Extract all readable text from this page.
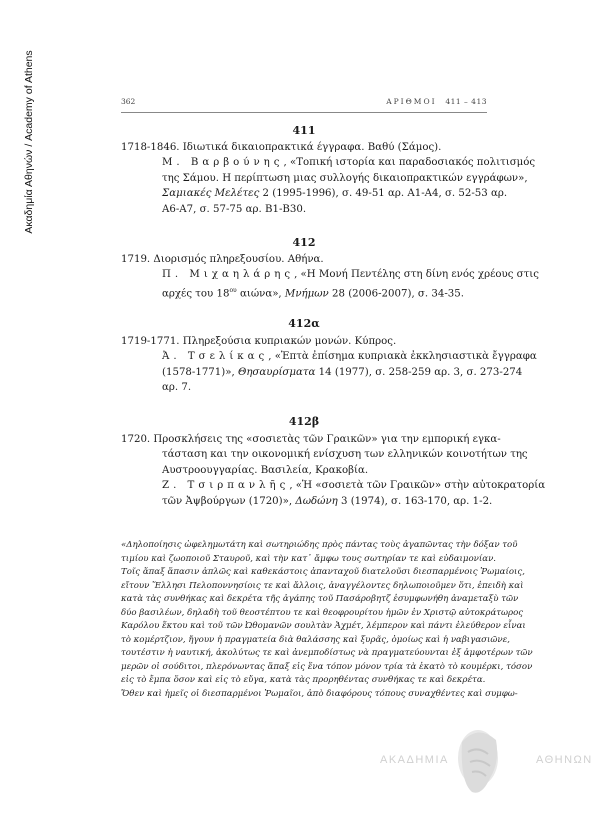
Ακαδημία Αθηνών / Academy of Athens	362	ΑΡΙΘΜΟΙ 411 – 413
411
1718-1846. Ιδιωτικά δικαιοπρακτικά έγγραφα. Βαθύ (Σάμος).
Μ. Βαρβούνης, «Τοπική ιστορία και παραδοσιακός πολιτισμός
της Σάμου. Η περίπτωση μιας συλλογής δικαιοπρακτικών εγγράφων»,
Σαμιακές Μελέτες 2 (1995-1996), σ. 49-51 αρ. Α1-Α4, σ. 52-53 αρ.
Α6-Α7, σ. 57-75 αρ. Β1-Β30.
412
1719. Διορισμός πληρεξουσίου. Αθήνα.
Π. Μιχαηλάρης, «Η Μονή Πεντέλης στη δίνη ενός χρέους στις
αρχές του $18^{o\upsilon}$ αιώνα», Μνήμων 28 (2006-2007), σ. 34-35.
412α
1719-1771. Πληρεξούσια κυπριακών μονών. Κύπρος.
Ἀ. Τσελίκας, «Ἑπτὰ ἐπίσημα κυπριακὰ ἐκκλησιαστικὰ ἔγγραφα
(1578-1771)», Θησαυρίσματα 14 (1977), σ. 258-259 αρ. 3, σ. 273-274
αρ. 7.
412β
1720. Προσκλήσεις της «σοσιετὰς τῶν Γραικῶν» για την εμπορική εγκα-
τάσταση και την οικονομική ενίσχυση των ελληνικών κοινοτήτων της
Αυστροουγγαρίας. Βασιλεία, Κρακοβία.
Ζ. Τσιρπανλῆς, «Ἡ «σοσιετὰ τῶν Γραικῶν» στὴν αὐτοκρατορία
τῶν Ἀψβούργων (1720)», Δωδώνη 3 (1974), σ. 163-170, αρ. 1-2.
«Δηλοποίησις ὠφελημωτάτη καὶ σωτηριώδης πρὸς πάντας τοὺς ἀγαπῶντας τὴν δόξαν τοῦ
τιμίου καὶ ζωοποιοῦ Σταυροῦ, καὶ τὴν κατ᾽ ἄμφω τους σωτηρίαν τε καὶ εὐδαιμονίαν.
Τοῖς ἅπαξ ἅπασιν ἁπλῶς καὶ καθεκάστοις ἀπανταχοῦ διατελοῦσι διεσπαρμένοις Ῥωμαίοις,
εἴτουν Ἕλλησι Πελοποννησίοις τε καὶ ἄλλοις, ἀναγγέλοντες δηλωποιοῦμεν ὅτι, ἐπειδὴ καὶ
κατὰ τὰς συνθήκας καὶ δεκρέτα τῆς ἀγάπης τοῦ Πασάροβητζ ἐσυμφωνήθη ἀναμεταξὺ τῶν
δύο βασιλέων, δηλαδὴ τοῦ θεοστέπτου τε καὶ θεοφρουρίτου ἡμῶν ἐν Χριστῷ αὐτοκράτωρος
Καρόλου ἕκτου καὶ τοῦ τῶν Ὠθομανῶν σουλτὰν Ἀχμέτ, λέμπερον καὶ πάντι ἐλεύθερον εἶναι
τὸ κομέρτζιον, ἤγουν ἡ πραγματεία διὰ θαλάσσης καὶ ξυρᾶς, ὁμοίως καὶ ἡ ναβιγασιῶνε,
τουτέστιν ἡ ναυτική, ἀκολύτως τε καὶ ἀνεμποδίστως νὰ πραγματεύουνται ἐξ ἀμφοτέρων τῶν
μερῶν οἱ σούδιτοι, πλερόνωντας ἅπαξ εἰς ἕνα τόπον μόνον τρία τὰ ἑκατὸ τὸ κουμέρκι, τόσον
εἰς τὸ ἔμπα ὅσον καὶ εἰς τὸ εὔγα, κατὰ τὰς προρηθέντας συνθήκας τε καὶ δεκρέτα.
Ὅθεν καὶ ἡμεῖς οἱ διεσπαρμένοι Ῥωμαῖοι, ἀπὸ διαφόρους τόπους συναχθέντες καὶ συμφω-
ΑΚΑΔΗΜΙΑ	ΑΘΗΝΩΝ
